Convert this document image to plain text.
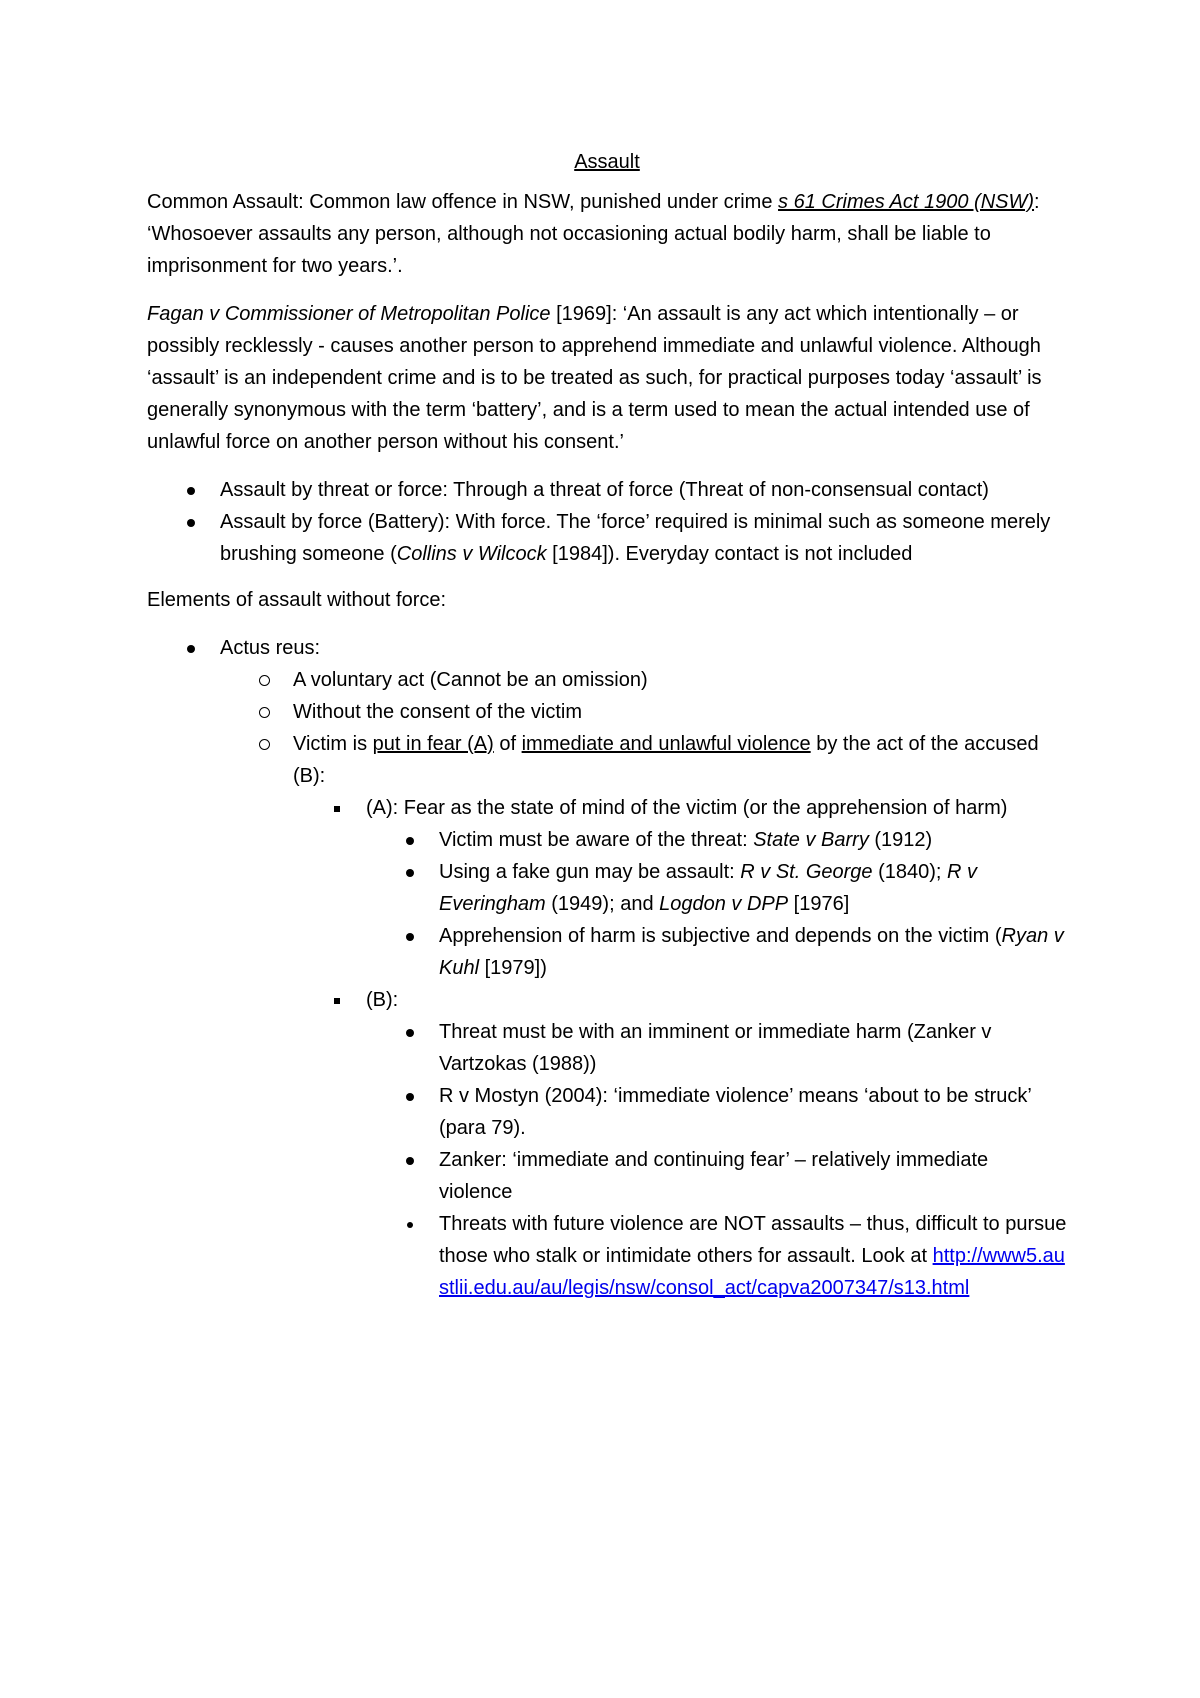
Assault

Common Assault: Common law offence in NSW, punished under crime s 61 Crimes Act 1900 (NSW): ‘Whosoever assaults any person, although not occasioning actual bodily harm, shall be liable to imprisonment for two years.’.

Fagan v Commissioner of Metropolitan Police [1969]: ‘An assault is any act which intentionally – or possibly recklessly - causes another person to apprehend immediate and unlawful violence. Although ‘assault’ is an independent crime and is to be treated as such, for practical purposes today ‘assault’ is generally synonymous with the term ‘battery’, and is a term used to mean the actual intended use of unlawful force on another person without his consent.’

Assault by threat or force: Through a threat of force (Threat of non-consensual contact)
Assault by force (Battery): With force. The ‘force’ required is minimal such as someone merely brushing someone (Collins v Wilcock [1984]). Everyday contact is not included

Elements of assault without force:

Actus reus:
A voluntary act (Cannot be an omission)
Without the consent of the victim
Victim is put in fear (A) of immediate and unlawful violence by the act of the accused (B):
(A): Fear as the state of mind of the victim (or the apprehension of harm)
Victim must be aware of the threat: State v Barry (1912)
Using a fake gun may be assault: R v St. George (1840); R v Everingham (1949); and Logdon v DPP [1976]
Apprehension of harm is subjective and depends on the victim (Ryan v Kuhl [1979])
(B):
Threat must be with an imminent or immediate harm (Zanker v Vartzokas (1988))
R v Mostyn (2004): ‘immediate violence’ means ‘about to be struck’ (para 79).
Zanker: ‘immediate and continuing fear’ – relatively immediate violence
Threats with future violence are NOT assaults – thus, difficult to pursue those who stalk or intimidate others for assault. Look at http://www5.austlii.edu.au/au/legis/nsw/consol_act/capva2007347/s13.html
